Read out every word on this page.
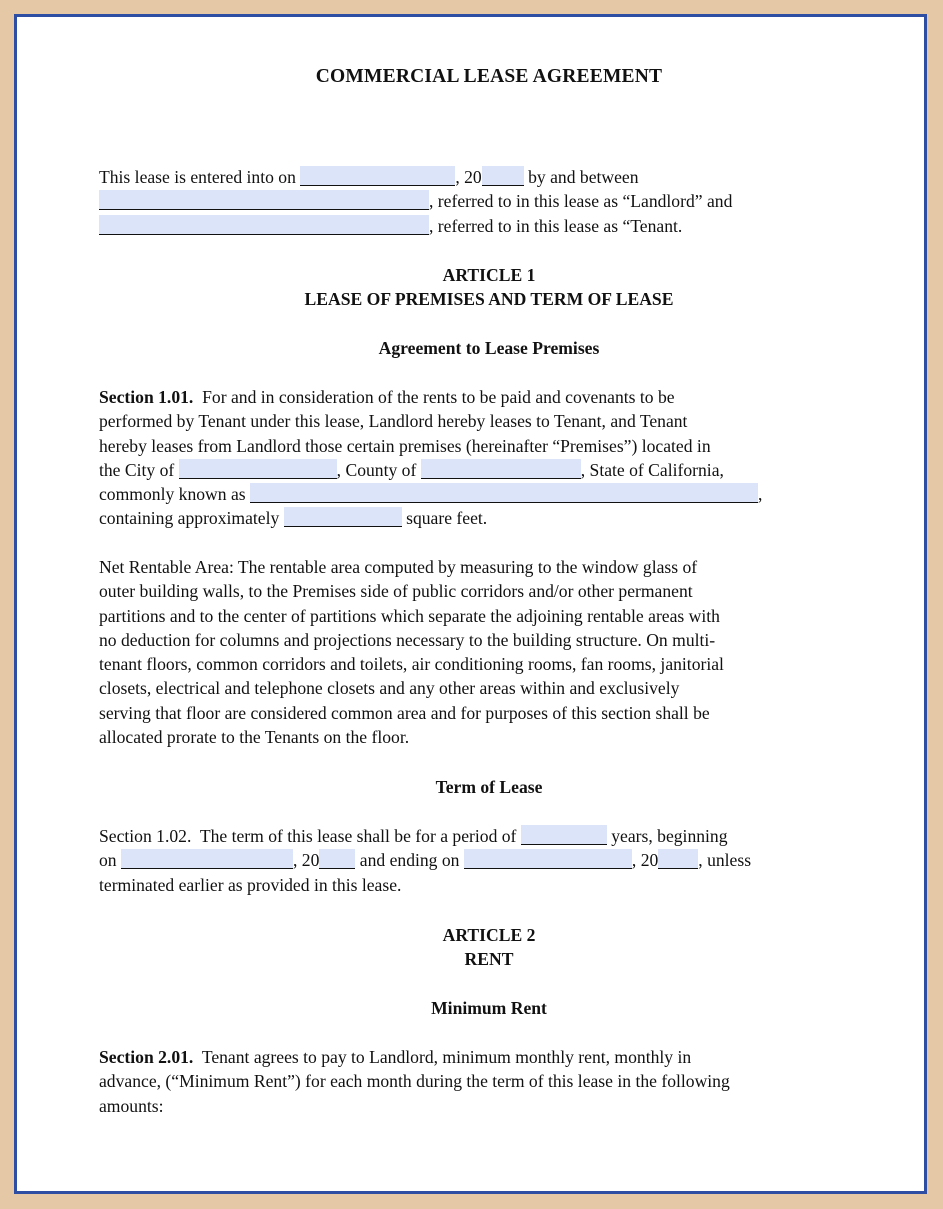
COMMERCIAL LEASE AGREEMENT
This lease is entered into on	, 20	by and between
, referred to in this lease as “Landlord” and
, referred to in this lease as “Tenant.
ARTICLE 1
LEASE OF PREMISES AND TERM OF LEASE
Agreement to Lease Premises
Section 1.01. For and in consideration of the rents to be paid and covenants to be
performed by Tenant under this lease, Landlord hereby leases to Tenant, and Tenant
hereby leases from Landlord those certain premises (hereinafter “Premises”) located in
the City of	, County of	, State of California,
commonly known as	,
containing approximately	square feet.
Net Rentable Area: The rentable area computed by measuring to the window glass of
outer building walls, to the Premises side of public corridors and/or other permanent
partitions and to the center of partitions which separate the adjoining rentable areas with
no deduction for columns and projections necessary to the building structure. On multi-
tenant floors, common corridors and toilets, air conditioning rooms, fan rooms, janitorial
closets, electrical and telephone closets and any other areas within and exclusively
serving that floor are considered common area and for purposes of this section shall be
allocated prorate to the Tenants on the floor.
Term of Lease
Section 1.02. The term of this lease shall be for a period of	years, beginning
on	, 20 and ending on	, 20 , unless
terminated earlier as provided in this lease.
ARTICLE 2
RENT
Minimum Rent
Section 2.01. Tenant agrees to pay to Landlord, minimum monthly rent, monthly in
advance, (“Minimum Rent”) for each month during the term of this lease in the following
amounts:
